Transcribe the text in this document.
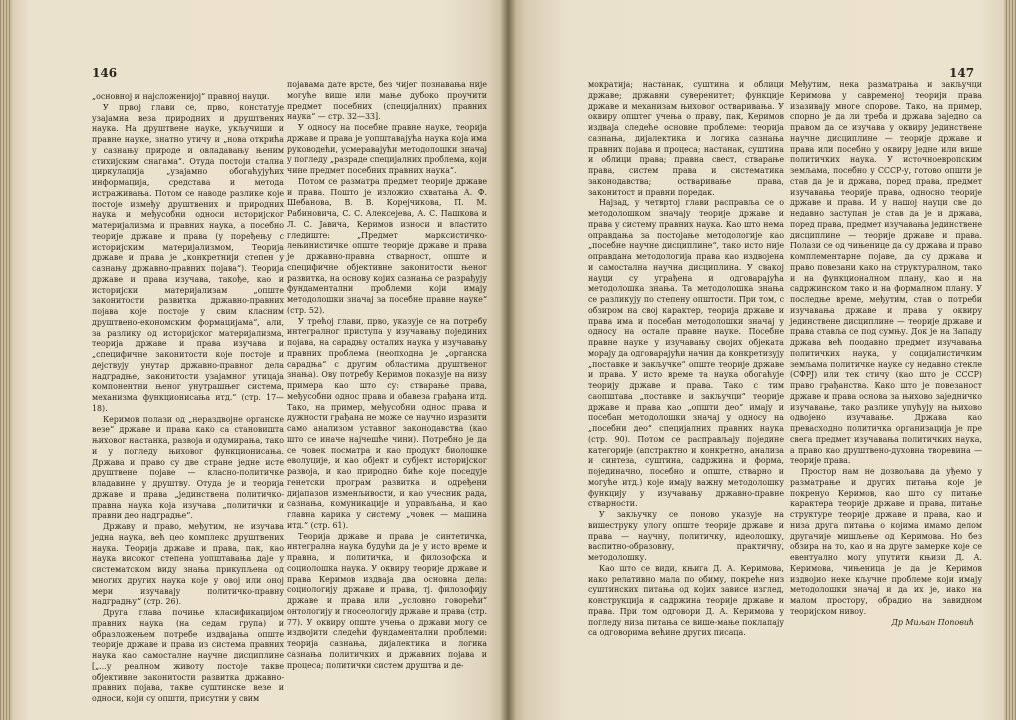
146

„основној и најсложенијој“ правној науци.

У првој глави се, прво, констатује узајамна веза природних и друштвених наука. На друштвене науке, укључиши и правне науке, знатно утичу и „нова открића у сазнању природе и овладавању њеним стихијским снагама“. Отуда постоји стална циркулација „узајамно обогаћујућих информација, средстава и метода истраживања. Потом се наводе разлике које постоје између друштвених и природних наука и међусобни односи историјског материјализма и правних наука, а посебно теорије државе и права (у поређењу с историјским материјализмом, Теорија државе и права је „конкретнији степен у сазнању државно-правних појава“). Теорија државе и права изучава, такође, као и историјски материјализам „опште законитости развитка државно-правних појава које постоје у свим класним друштвено-економским формацијама“, али, за разлику од историјског материјализма, теорија државе и права изучава и „специфичне законитости које постоје и дејствују унутар државно-правног дела надградње, законитости узајамног утицаја компонентни њеног унутрашњег система, механизма функционисања итд.“ (стр. 17—18).

Керимов полази од „нераздвојне органске везе“ државе и права како са становишта њиховог настанка, развоја и одумирања, тако и у погледу њиховог функционисања. Држава и право су две стране једне исте друштвене појаве — класно-политичке владавине у друштву. Отуда је и теорија државе и права „јединствена политичко-правна наука која изучава „политички и правни део надградње“.

Државу и право, међутим, не изучава једна наука, већ цео комплекс друштвених наука. Теорија државе и права, пак, као наука високог степена уопштавања даје у систематском виду знања прикупљена од многих других наука које у овој или оној мери изучавају политичко-правну надградњу“ (стр. 26).

Друга глава почиње класификацијом правних наука (на седам група) и образложењем потребе издвајања опште теорије државе и права из система правних наука као самосталне научне дисциплине [„...у реалном животу постоје такве објективне законитости развитка државно-правних појава, такве суштинске везе и односи, који су општи, присутни у свим

појавама дате врсте, без чијег познавања није могуће више или мање дубоко проучити предмет посебних (специјалних) правних наука“ — стр. 32—33].

У односу на посебне правне науке, теорија државе и права је уопштавајућа наука која има руководећи, усмеравајући методолошки значај у погледу „разраде специјалних проблема, који чине предмет посебних правних наука“.

Потом се разматра предмет теорије државе и права. Пошто је изложио схватања А. Ф. Шебанова, В. В. Корејчикова, П. М. Рабиновича, С. С. Алексејева, А. С. Пашкова и Л. С. Јавича, Керимов износи и властито гледиште: „Предмет марксистичко-лењинистичке опште теорије државе и права је државно-правна стварност, опште и специфичне објективне законитости њеног развитка, на основу којих сазнања се разрађују фундаментални проблеми који имају методолошки значај за посебне правне науке“ (стр. 52).

У трећој глави, прво, указује се на потребу интегралног приступа у изучавању појединих појава, на сарадњу осталих наука у изучавању правних проблема (неопходна је „органска сарадња“ с другим областима друштвеног знања). Ову потребу Керимов показује на низу примера као што су: стварање права, међусобни однос права и обавеза грађана итд. Тако, на пример, међусобни однос права и дужности грађана не може се научно изразити само анализом уставног законодавства (као што се иначе најчешће чини). Потребно је да се човек посматра и као продукт биолошке еволуције, и као објект и субјект историјског развоја, и као природно биће које поседује генетски програм развитка и одређени дијапазон изменљивости, и као учесник рада, сазнања, комуникације и управљања, и као главна карика у систему „човек — машина итд.“ (стр. 61).

Теорија државе и права је синтетичка, интегрална наука будући да је у исто време и правна, и политичка, и филозофска и социолошка наука. У оквиру теорије државе и права Керимов издваја два основна дела: социологију државе и права, тј. филозофију државе и права или „условно говорећи“ онтологију и гносеологију државе и права (стр. 77). У оквиру опште учења о држави могу се издвојити следећи фундаментални проблеми: теорија сазнања, дијалектика и логика сазнања политичких и државних појава и процеса; политички систем друштва и де-

147

мократија; настанак, суштина и облици државе; државни суверенитет; функције државе и механизам њиховог остваривања. У оквиру општег учења о праву, пак, Керимов издваја следеће основне проблеме: теорија сазнања, дијалектика и логика сазнања правних појава и процеса; настанак, суштина и облици права; правна свест, стварање права, систем права и систематика законодавства; остваривање права, законитост и правни поредак.

Најзад, у четвртој глави расправља се о методолошком значају теорије државе и права у систему правних наука. Као што нема оправдања за постојање методологије као „посебне научне дисциплине“, тако исто није оправдана методологија права као издвојена и самостална научна дисциплина. У свакој науци су уграђена и одговарајућа методолошка знања. Та методолошка знања се разликују по степену општости. При том, с обзиром на свој карактер, теорија државе и права има и посебан методолошки значај у односу на остале правне науке. Посебне правне науке у изучавању својих објеката морају да одговарајући начин да конкретизују „поставке и закључке“ опште теорије државе и права. У исто време та наука обогаћује теорију државе и права. Тако с тим саопштава „поставке и закључци“ теорије државе и права као „општи део“ имају и посебан методолошки значај у односу на „посебни део“ специјалних правних наука (стр. 90). Потом се расправљају поједине категорије (апстрактно и конкретно, анализа и синтеза, суштина, садржина и форма, појединачно, посебно и опште, стварно и могуће итд.) које имају важну методолошку функцију у изучавању државно-правне стварности.

У закључку се поново указује на вишеструку улогу опште теорије државе и права — научну, политичку, идеолошку, васпитно-образовну, практичну, методолошку.

Као што се види, књига Д. А. Керимова, иако релативно мала по обиму, покреће низ суштинских питања од којих зависе изглед, конструкција и садржина теорије државе и права. При том одговори Д. А. Керимова у погледу низа питања се више-мање поклапају са одговорима већине других писаца.

Међутим, нека разматрања и закључци Керимова у савременој теорији права изазивају многе спорове. Тако, на пример, спорно је да ли треба и држава заједно са правом да се изучава у оквиру јединствене научне дисциплине — теорије државе и права или посебно у оквиру једне или више политичких наука. У источноевропским земљама, посебно у СССР-у, готово општи је став да је и држава, поред права, предмет изучавања теорије права, односно теорије државе и права. И у нашој науци све до недавно заступан је став да је и држава, поред права, предмет изучавања јединствене дисциплине — теорије државе и права. Полази се од чињенице да су држава и право комплементарне појаве, да су држава и право повезани како на структуралном, тако и на функционалном плану, као и на садржинском тако и на формалном плану. У последње време, међутим, став о потреби изучавања државе и права у оквиру јединствене дисциплине — теорије државе и права ставља се под сумњу. Док је на Западу држава већ поодавно предмет изучавања политичких наука, у социјалистичким земљама политичке науке су недавно стекле (СФРЈ) или тек стичу (као што је СССР) право грађанства. Како што је повезаност државе и права основа за њихово заједничко изучавање, тако разлике упућују на њихово одвојено изучавање. Држава као превасходно политичка организација је пре свега предмет изучавања политичких наука, а право као друштвено-духовна творевина — теорије права.

Простор нам не дозвољава да уђемо у разматрање и других питања које је покренуо Керимов, као што су питање карактера теорије државе и права, питање структуре теорије државе и права, као и низа друга питања о којима имамо делом другачије мишљење од Керимова. Но без обзира на то, као и на друге замерке које се евентуално могу упутити књизи Д. А. Керимова, чињеница је да је Керимов издвојио неке кључне проблеме који имају методолошки значај и да их је, иако на малом простору, обрадио на завидном теоријском нивоу.

Др Миљан Поповић
